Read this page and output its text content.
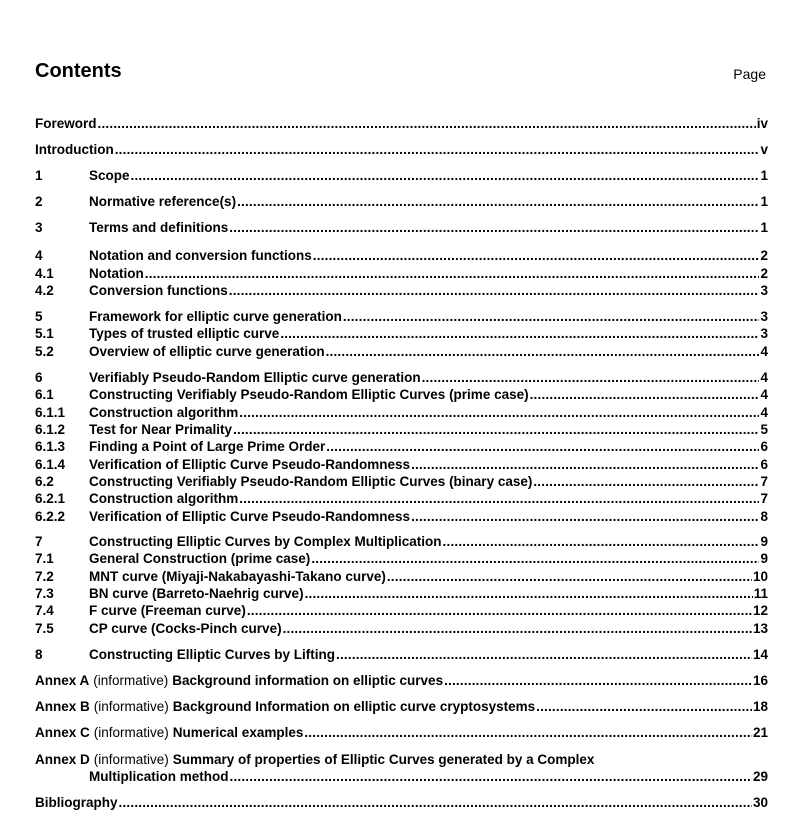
Contents	Page
Foreword .....	iv
Introduction .....	v
1	Scope .....	1
2	Normative reference(s) .....	1
3	Terms and definitions .....	1
4	Notation and conversion functions .....	2
4.1	Notation .....	2
4.2	Conversion functions .....	3
5	Framework for elliptic curve generation .....	3
5.1	Types of trusted elliptic curve .....	3
5.2	Overview of elliptic curve generation .....	4
6	Verifiably Pseudo-Random Elliptic curve generation .....	4
6.1	Constructing Verifiably Pseudo-Random Elliptic Curves (prime case) .....	4
6.1.1	Construction algorithm .....	4
6.1.2	Test for Near Primality .....	5
6.1.3	Finding a Point of Large Prime Order .....	6
6.1.4	Verification of Elliptic Curve Pseudo-Randomness .....	6
6.2	Constructing Verifiably Pseudo-Random Elliptic Curves (binary case) .....	7
6.2.1	Construction algorithm .....	7
6.2.2	Verification of Elliptic Curve Pseudo-Randomness .....	8
7	Constructing Elliptic Curves by Complex Multiplication .....	9
7.1	General Construction (prime case) .....	9
7.2	MNT curve (Miyaji-Nakabayashi-Takano curve) .....	10
7.3	BN curve (Barreto-Naehrig curve) .....	11
7.4	F curve (Freeman curve) .....	12
7.5	CP curve (Cocks-Pinch curve) .....	13
8	Constructing Elliptic Curves by Lifting .....	14
Annex A (informative) Background information on elliptic curves .....	16
Annex B (informative) Background Information on elliptic curve cryptosystems .....	18
Annex C (informative) Numerical examples .....	21
Annex D (informative) Summary of properties of Elliptic Curves generated by a Complex
Multiplication method .....	29
Bibliography .....	30
